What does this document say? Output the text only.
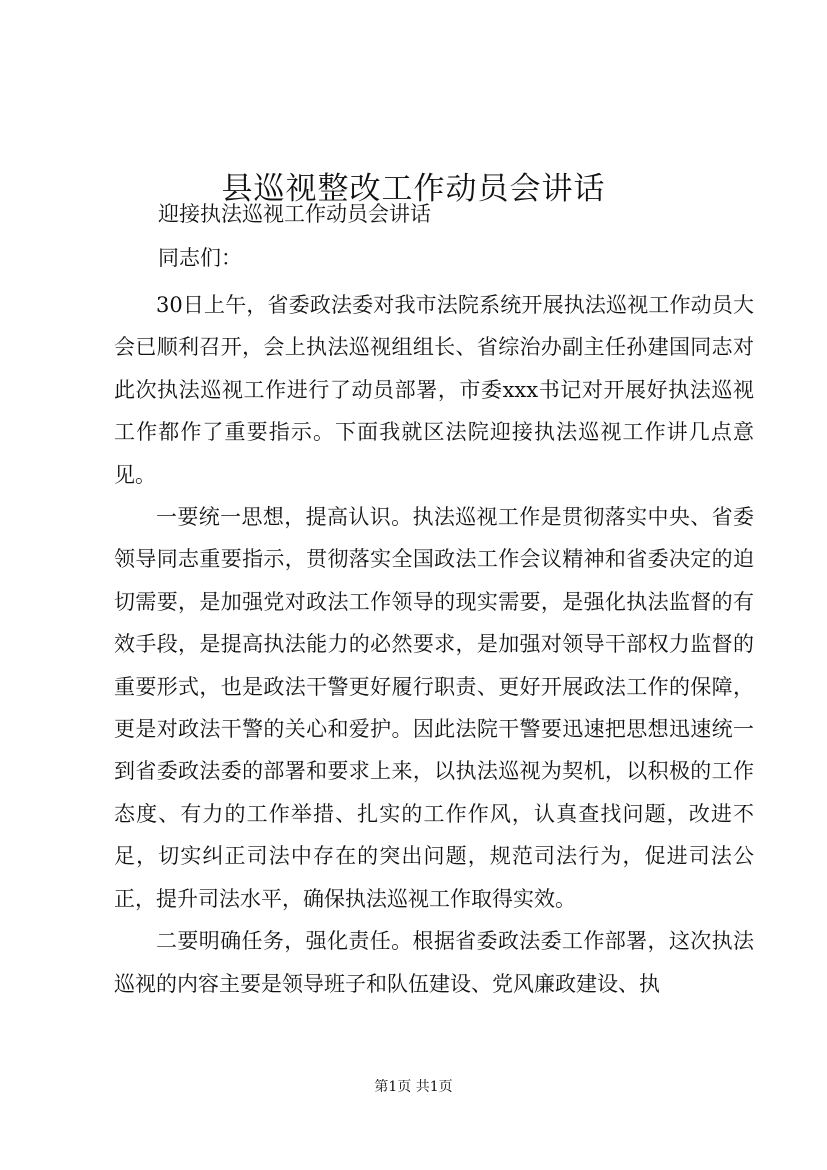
县巡视整改工作动员会讲话
迎接执法巡视工作动员会讲话
同志们：

30日上午，省委政法委对我市法院系统开展执法巡视工作动员大会已顺利召开，会上执法巡视组组长、省综治办副主任孙建国同志对此次执法巡视工作进行了动员部署，市委xxx书记对开展好执法巡视工作都作了重要指示。下面我就区法院迎接执法巡视工作讲几点意见。

一要统一思想，提高认识。执法巡视工作是贯彻落实中央、省委领导同志重要指示，贯彻落实全国政法工作会议精神和省委决定的迫切需要，是加强党对政法工作领导的现实需要，是强化执法监督的有效手段，是提高执法能力的必然要求，是加强对领导干部权力监督的重要形式，也是政法干警更好履行职责、更好开展政法工作的保障，更是对政法干警的关心和爱护。因此法院干警要迅速把思想迅速统一到省委政法委的部署和要求上来，以执法巡视为契机，以积极的工作态度、有力的工作举措、扎实的工作作风，认真查找问题，改进不足，切实纠正司法中存在的突出问题，规范司法行为，促进司法公正，提升司法水平，确保执法巡视工作取得实效。

二要明确任务，强化责任。根据省委政法委工作部署，这次执法巡视的内容主要是领导班子和队伍建设、党风廉政建设、执

第1页 共1页
